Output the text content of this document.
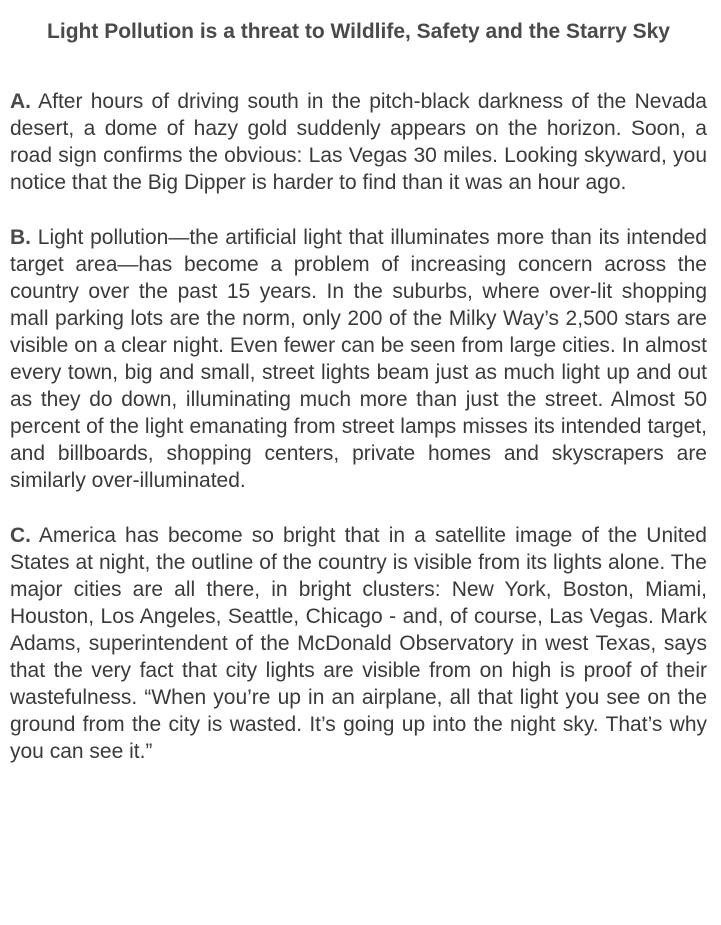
Light Pollution is a threat to Wildlife, Safety and the Starry Sky

A. After hours of driving south in the pitch-black darkness of the Nevada desert, a dome of hazy gold suddenly appears on the horizon. Soon, a road sign confirms the obvious: Las Vegas 30 miles. Looking skyward, you notice that the Big Dipper is harder to find than it was an hour ago.

B. Light pollution—the artificial light that illuminates more than its intended target area—has become a problem of increasing concern across the country over the past 15 years. In the suburbs, where over-lit shopping mall parking lots are the norm, only 200 of the Milky Way’s 2,500 stars are visible on a clear night. Even fewer can be seen from large cities. In almost every town, big and small, street lights beam just as much light up and out as they do down, illuminating much more than just the street. Almost 50 percent of the light emanating from street lamps misses its intended target, and billboards, shopping centers, private homes and skyscrapers are similarly over-illuminated.

C. America has become so bright that in a satellite image of the United States at night, the outline of the country is visible from its lights alone. The major cities are all there, in bright clusters: New York, Boston, Miami, Houston, Los Angeles, Seattle, Chicago - and, of course, Las Vegas. Mark Adams, superintendent of the McDonald Observatory in west Texas, says that the very fact that city lights are visible from on high is proof of their wastefulness. “When you’re up in an airplane, all that light you see on the ground from the city is wasted. It’s going up into the night sky. That’s why you can see it.”
